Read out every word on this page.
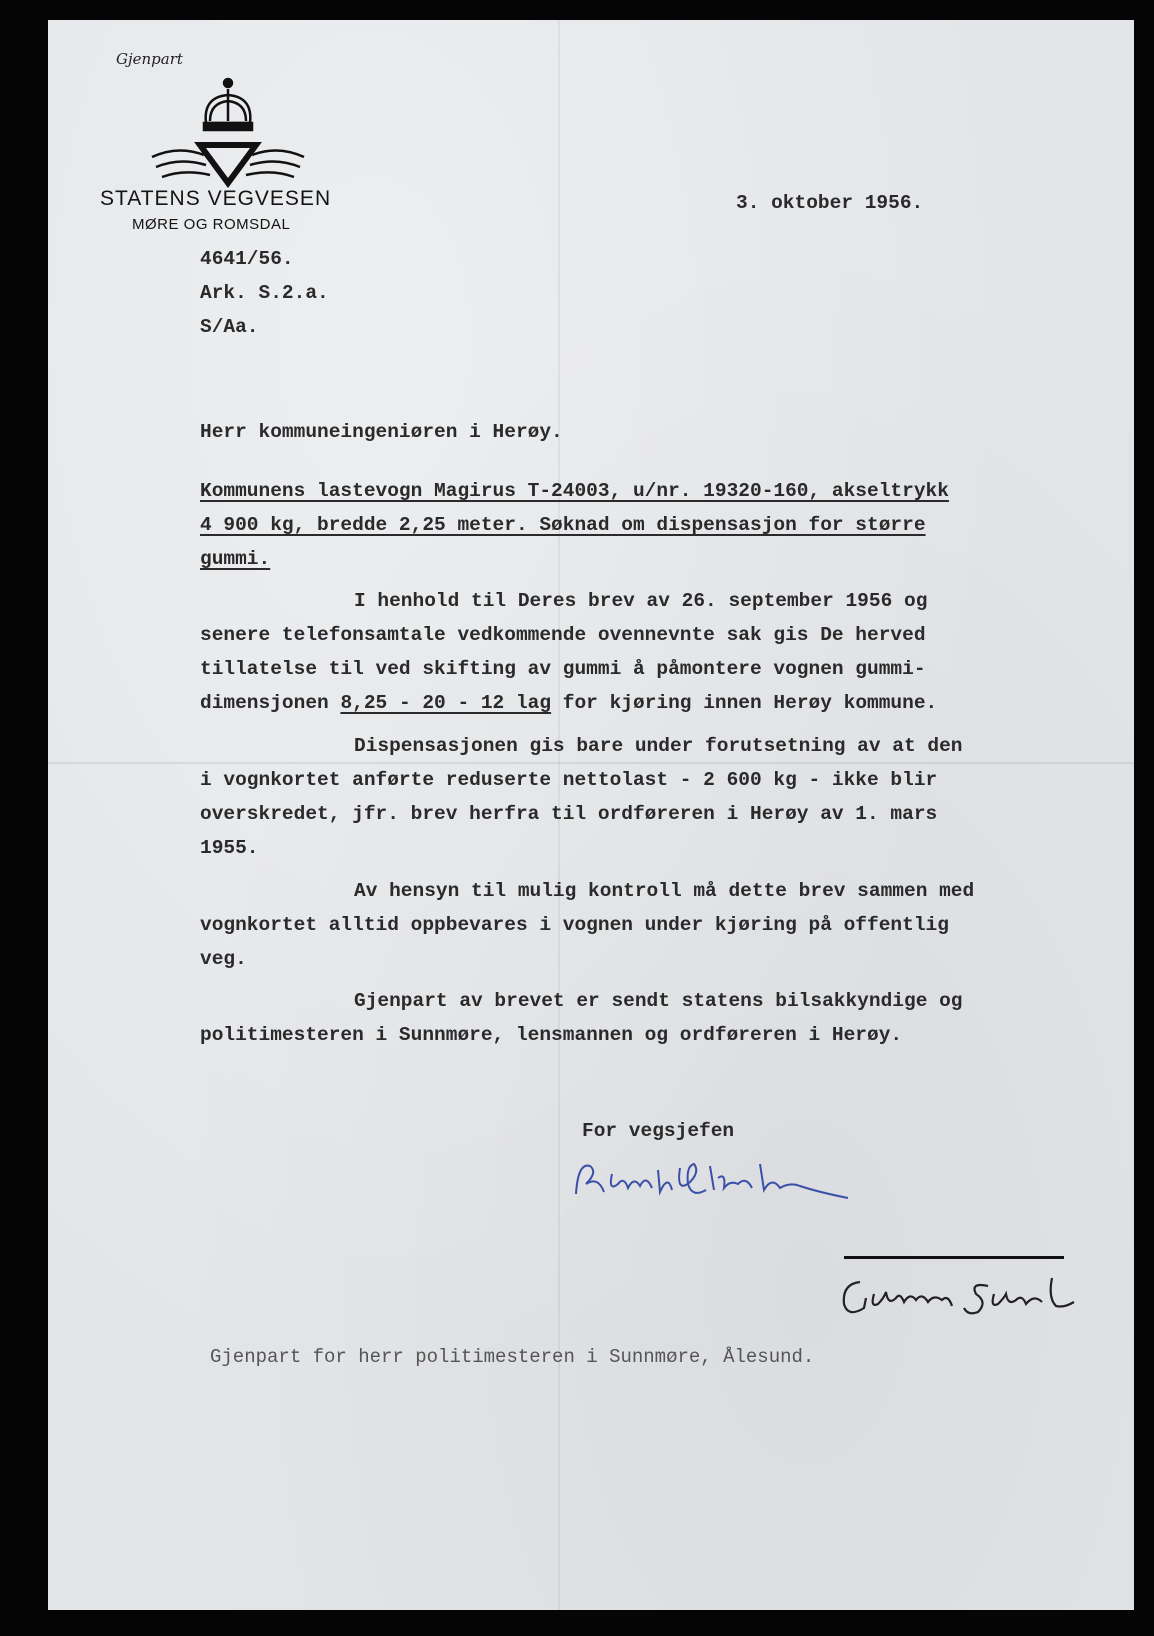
Gjenpart
STATENS VEGVESEN
MØRE OG ROMSDAL
3. oktober 1956.
4641/56.
Ark. S.2.a.
S/Aa.
Herr kommuneingeniøren i Herøy.
Kommunens lastevogn Magirus T-24003, u/nr. 19320-160, akseltrykk
4 900 kg, bredde 2,25 meter. Søknad om dispensasjon for større
gummi.
I henhold til Deres brev av 26. september 1956 og
senere telefonsamtale vedkommende ovennevnte sak gis De herved
tillatelse til ved skifting av gummi å påmontere vognen gummi-
dimensjonen 8,25 - 20 - 12 lag for kjøring innen Herøy kommune.
Dispensasjonen gis bare under forutsetning av at den
i vognkortet anførte reduserte nettolast - 2 600 kg - ikke blir
overskredet, jfr. brev herfra til ordføreren i Herøy av 1. mars
1955.
Av hensyn til mulig kontroll må dette brev sammen med
vognkortet alltid oppbevares i vognen under kjøring på offentlig
veg.
Gjenpart av brevet er sendt statens bilsakkyndige og
politimesteren i Sunnmøre, lensmannen og ordføreren i Herøy.
For vegsjefen
Gjenpart for herr politimesteren i Sunnmøre, Ålesund.
